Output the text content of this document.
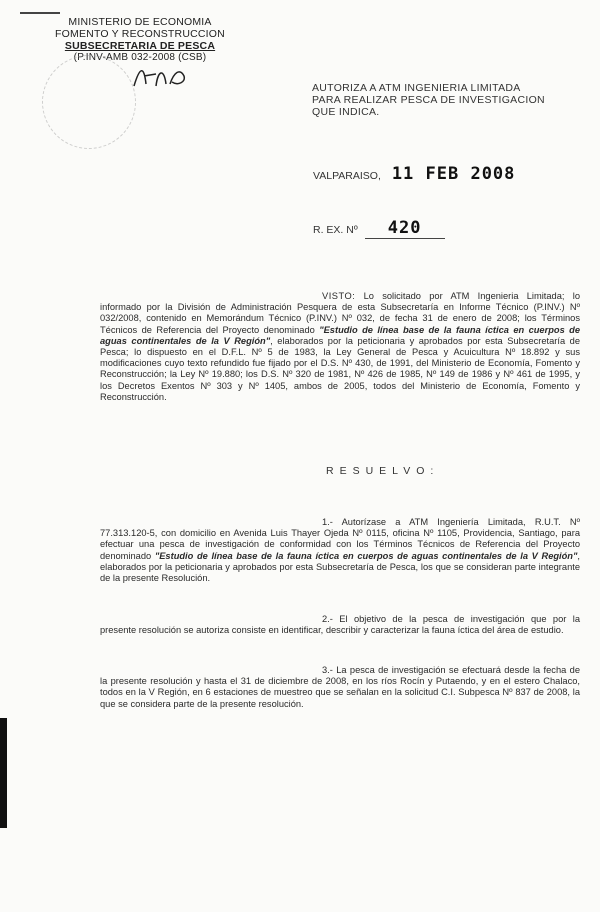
MINISTERIO DE ECONOMIA
FOMENTO Y RECONSTRUCCION
SUBSECRETARIA DE PESCA
(P.INV-AMB 032-2008 (CSB)
AUTORIZA A ATM INGENIERIA LIMITADA
PARA REALIZAR PESCA DE INVESTIGACION
QUE INDICA.
VALPARAISO, 11 FEB 2008
R. EX. Nº 420
VISTO: Lo solicitado por ATM Ingenieria Limitada; lo informado por la División de Administración Pesquera de esta Subsecretaría en Informe Técnico (P.INV.) Nº 032/2008, contenido en Memorándum Técnico (P.INV.) Nº 032, de fecha 31 de enero de 2008; los Términos Técnicos de Referencia del Proyecto denominado "Estudio de línea base de la fauna íctica en cuerpos de aguas continentales de la V Región", elaborados por la peticionaria y aprobados por esta Subsecretaría de Pesca; lo dispuesto en el D.F.L. Nº 5 de 1983, la Ley General de Pesca y Acuicultura Nº 18.892 y sus modificaciones cuyo texto refundido fue fijado por el D.S. Nº 430, de 1991, del Ministerio de Economía, Fomento y Reconstrucción; la Ley Nº 19.880; los D.S. Nº 320 de 1981, Nº 426 de 1985, Nº 149 de 1986 y Nº 461 de 1995, y los Decretos Exentos Nº 303 y Nº 1405, ambos de 2005, todos del Ministerio de Economía, Fomento y Reconstrucción.
RESUELVO:
1.- Autorízase a ATM Ingeniería Limitada, R.U.T. Nº 77.313.120-5, con domicilio en Avenida Luis Thayer Ojeda Nº 0115, oficina Nº 1105, Providencia, Santiago, para efectuar una pesca de investigación de conformidad con los Términos Técnicos de Referencia del Proyecto denominado "Estudio de línea base de la fauna íctica en cuerpos de aguas continentales de la V Región", elaborados por la peticionaria y aprobados por esta Subsecretaría de Pesca, los que se consideran parte integrante de la presente Resolución.
2.- El objetivo de la pesca de investigación que por la presente resolución se autoriza consiste en identificar, describir y caracterizar la fauna íctica del área de estudio.
3.- La pesca de investigación se efectuará desde la fecha de la presente resolución y hasta el 31 de diciembre de 2008, en los ríos Rocín y Putaendo, y en el estero Chalaco, todos en la V Región, en 6 estaciones de muestreo que se señalan en la solicitud C.I. Subpesca Nº 837 de 2008, la que se considera parte de la presente resolución.
